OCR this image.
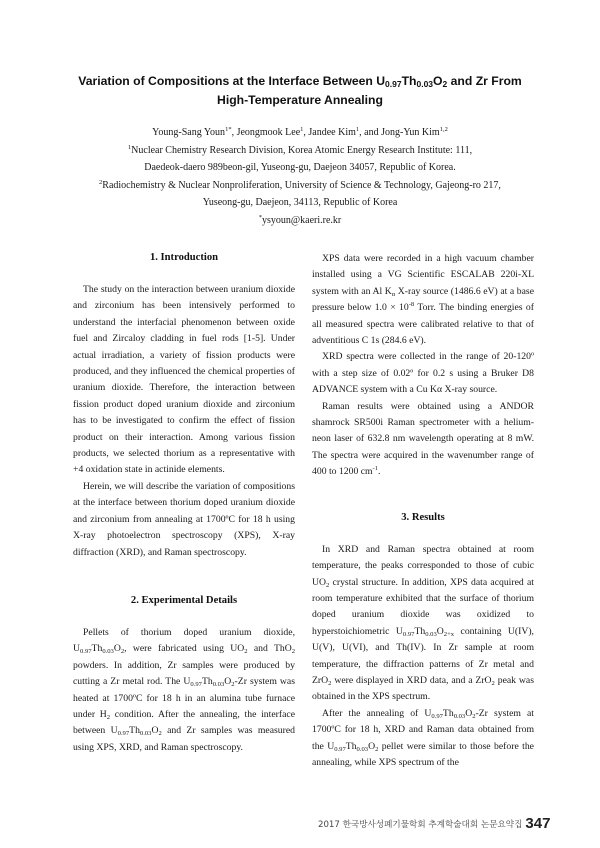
Variation of Compositions at the Interface Between $U_{0.97}Th_{0.03}O_2$ and Zr From High-Temperature Annealing
Young-Sang Youn$^{1*}$, Jeongmook Lee$^1$, Jandee Kim$^1$, and Jong-Yun Kim$^{1,2}$
$^1$Nuclear Chemistry Research Division, Korea Atomic Energy Research Institute: 111,
Daedeok-daero 989beon-gil, Yuseong-gu, Daejeon 34057, Republic of Korea.
$^2$Radiochemistry & Nuclear Nonproliferation, University of Science & Technology, Gajeong-ro 217,
Yuseong-gu, Daejeon, 34113, Republic of Korea
*ysyoun@kaeri.re.kr
1. Introduction

The study on the interaction between uranium dioxide and zirconium has been intensively performed to understand the interfacial phenomenon between oxide fuel and Zircaloy cladding in fuel rods [1-5]. Under actual irradiation, a variety of fission products were produced, and they influenced the chemical properties of uranium dioxide. Therefore, the interaction between fission product doped uranium dioxide and zirconium has to be investigated to confirm the effect of fission product on their interaction. Among various fission products, we selected thorium as a representative with +4 oxidation state in actinide elements.

Herein, we will describe the variation of compositions at the interface between thorium doped uranium dioxide and zirconium from annealing at 1700ºC for 18 h using X-ray photoelectron spectroscopy (XPS), X-ray diffraction (XRD), and Raman spectroscopy.

2. Experimental Details

Pellets of thorium doped uranium dioxide, $U_{0.97}Th_{0.03}O_2$, were fabricated using $UO_2$ and ThO$_2$ powders. In addition, Zr samples were produced by cutting a Zr metal rod. The $U_{0.97}Th_{0.03}O_2-Zr$ system was heated at 1700ºC for 18 h in an alumina tube furnace under $H_2$ condition. After the annealing, the interface between $U_{0.97}Th_{0.03}O_2$ and Zr samples was measured using XPS, XRD, and Raman spectroscopy.

XPS data were recorded in a high vacuum chamber installed using a VG Scientific ESCALAB 220i-XL system with an Al $K_\alpha$ X-ray source (1486.6 eV) at a base pressure below $1.0 \times 10^{-8}$ Torr. The binding energies of all measured spectra were calibrated relative to that of adventitious C 1s (284.6 eV).

XRD spectra were collected in the range of 20-120º with a step size of 0.02º for 0.2 s using a Bruker D8 ADVANCE system with a Cu Kα X-ray source.

Raman results were obtained using a ANDOR shamrock SR500i Raman spectrometer with a helium-neon laser of 632.8 nm wavelength operating at 8 mW. The spectra were acquired in the wavenumber range of 400 to 1200 $cm^{-1}$.

3. Results

In XRD and Raman spectra obtained at room temperature, the peaks corresponded to those of cubic $UO_2$ crystal structure. In addition, XPS data acquired at room temperature exhibited that the surface of thorium doped uranium dioxide was oxidized to hyperstoichiometric $U_{0.97}Th_{0.03}O_{2+x}$ containing U(IV), U(V), U(VI), and Th(IV). In Zr sample at room temperature, the diffraction patterns of Zr metal and ZrO$_2$ were displayed in XRD data, and a ZrO$_2$ peak was obtained in the XPS spectrum.

After the annealing of $U_{0.97}Th_{0.03}O_2-Zr$ system at 1700ºC for 18 h, XRD and Raman data obtained from the $U_{0.97}Th_{0.03}O_2$ pellet were similar to those before the annealing, while XPS spectrum of the

2017 한국방사성폐기물학회 추계학술대회 논문요약집 347
